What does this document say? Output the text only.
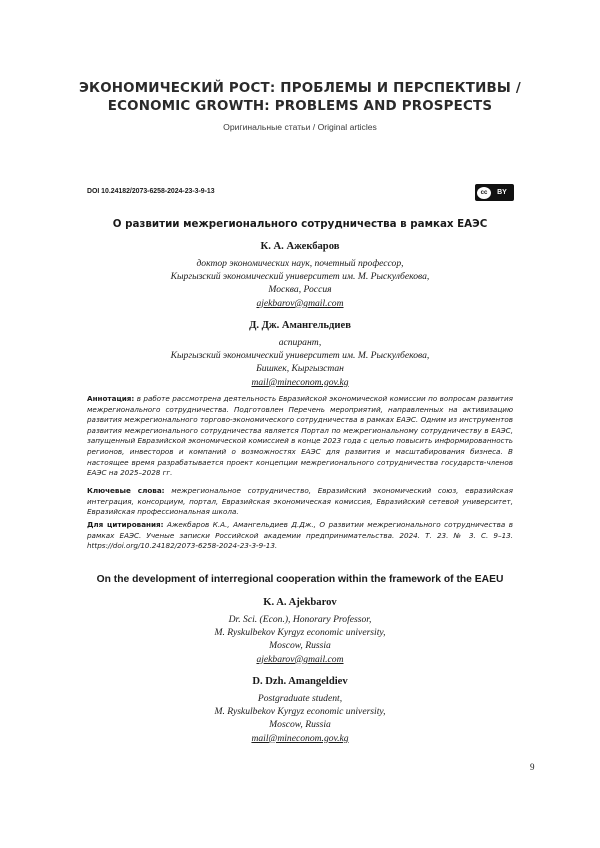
ЭКОНОМИЧЕСКИЙ РОСТ: ПРОБЛЕМЫ И ПЕРСПЕКТИВЫ /
ECONOMIC GROWTH: PROBLEMS AND PROSPECTS
Оригинальные статьи / Original articles
DOI 10.24182/2073-6258-2024-23-3-9-13	cc	BY
О развитии межрегионального сотрудничества в рамках ЕАЭС
К. А. Ажекбаров
доктор экономических наук, почетный профессор,
Кыргызский экономический университет им. М. Рыскулбекова,
Москва, Россия
ajekbarov@gmail.com
Д. Дж. Амангельдиев
аспирант,
Кыргызский экономический университет им. М. Рыскулбекова,
Бишкек, Кыргызстан
mail@mineconom.gov.kg
Аннотация: в работе рассмотрена деятельность Евразийской экономической комиссии по вопросам развития межрегионального сотрудничества. Подготовлен Перечень мероприятий, направленных на активизацию развития межрегионального торгово-экономического сотрудничества в рамках ЕАЭС. Одним из инструментов развития межрегионального сотрудничества является Портал по межрегиональному сотрудничеству в ЕАЭС, запущенный Евразийской экономической комиссией в конце 2023 года с целью повысить информированность регионов, инвесторов и компаний о возможностях ЕАЭС для развития и масштабирования бизнеса. В настоящее время разрабатывается проект концепции межрегионального сотрудничества государств-членов ЕАЭС на 2025–2028 гг.
Ключевые слова: межрегиональное сотрудничество, Евразийский экономический союз, евразийская интеграция, консорциум, портал, Евразийская экономическая комиссия, Евразийский сетевой университет, Евразийская профессиональная школа.
Для цитирования: Ажекбаров К.А., Амангельдиев Д.Дж., О развитии межрегионального сотрудничества в рамках ЕАЭС. Ученые записки Российской академии предпринимательства. 2024. Т. 23. № 3. С. 9–13. https://doi.org/10.24182/2073-6258-2024-23-3-9-13.
On the development of interregional cooperation within the framework of the EAEU
K. A. Ajekbarov
Dr. Sci. (Econ.), Honorary Professor,
M. Ryskulbekov Kyrgyz economic university,
Moscow, Russia
ajekbarov@gmail.com
D. Dzh. Amangeldiev
Postgraduate student,
M. Ryskulbekov Kyrgyz economic university,
Moscow, Russia
mail@mineconom.gov.kg
9
